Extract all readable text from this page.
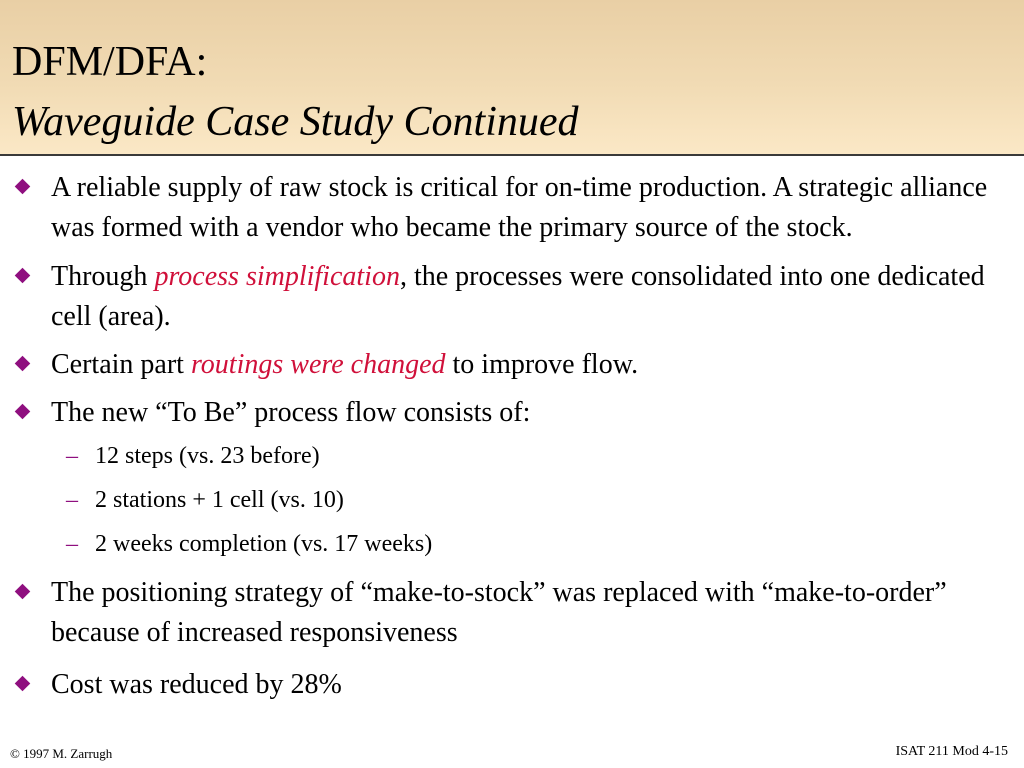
DFM/DFA:
Waveguide Case Study Continued
A reliable supply of raw stock is critical for on-time production. A strategic alliance was formed with a vendor who became the primary source of the stock.
Through process simplification, the processes were consolidated into one dedicated cell (area).
Certain part routings were changed to improve flow.
The new “To Be” process flow consists of:
– 12 steps (vs. 23 before)
– 2 stations + 1 cell (vs. 10)
– 2 weeks completion (vs. 17 weeks)
The positioning strategy of “make-to-stock” was replaced with “make-to-order” because of increased responsiveness
Cost was reduced by 28%
© 1997 M. Zarrugh	ISAT 211 Mod 4-15
